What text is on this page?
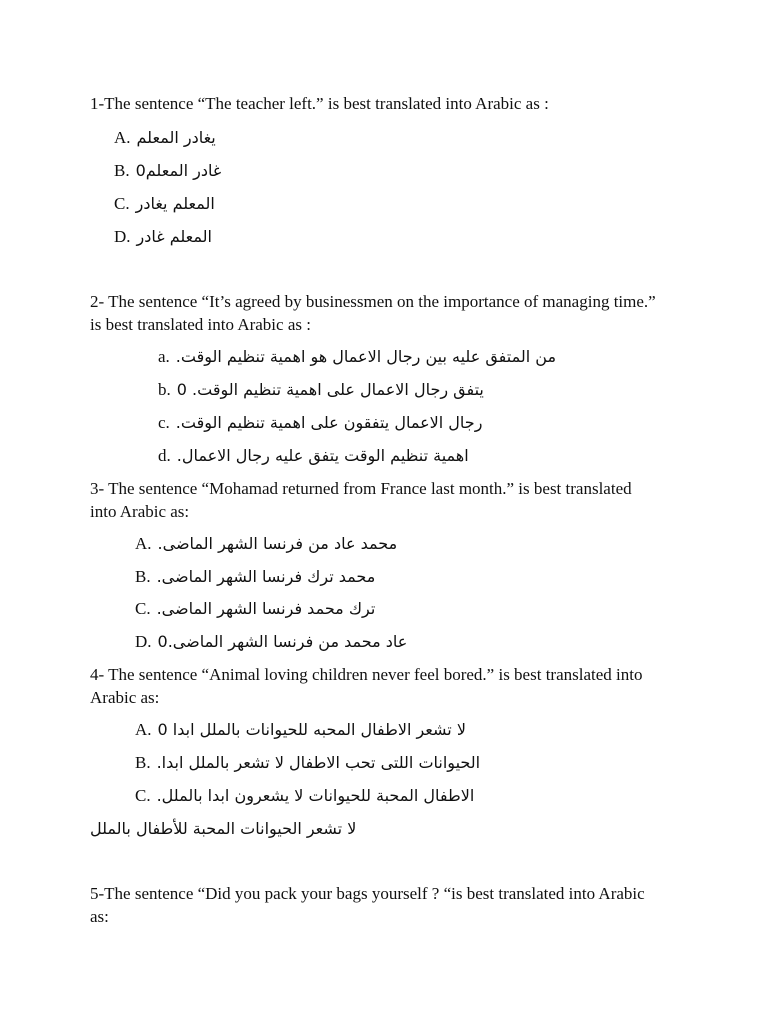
1-The sentence “The teacher left.” is best translated into Arabic as :
A. يغادر المعلم
B. غادر المعلم0
C. المعلم يغادر
D. المعلم غادر
2- The sentence “It’s agreed by businessmen on the importance of managing time.”
is best translated into Arabic as :
a. من المتفق عليه بين رجال الاعمال هو اهمية تنظيم الوقت.
b. يتفق رجال الاعمال على اهمية تنظيم الوقت. 0
c. رجال الاعمال يتفقون على اهمية تنظيم الوقت.
d. اهمية تنظيم الوقت يتفق عليه رجال الاعمال.
3- The sentence “Mohamad returned from France last month.” is best translated
into Arabic as:
A. محمد عاد من فرنسا الشهر الماضى.
B. محمد ترك فرنسا الشهر الماضى.
C. ترك محمد فرنسا الشهر الماضى.
D. عاد محمد من فرنسا الشهر الماضى.0
4- The sentence “Animal loving children never feel bored.” is best translated into
Arabic as:
A. لا تشعر الاطفال المحبه للحيوانات بالملل ابدا 0
B. الحيوانات اللتى تحب الاطفال لا تشعر بالملل ابدا.
C. الاطفال المحبة للحيوانات لا يشعرون ابدا بالملل.
لا تشعر الحيوانات المحبة للأطفال بالملل
5-The sentence “Did you pack your bags yourself ? “is best translated into Arabic
as:
